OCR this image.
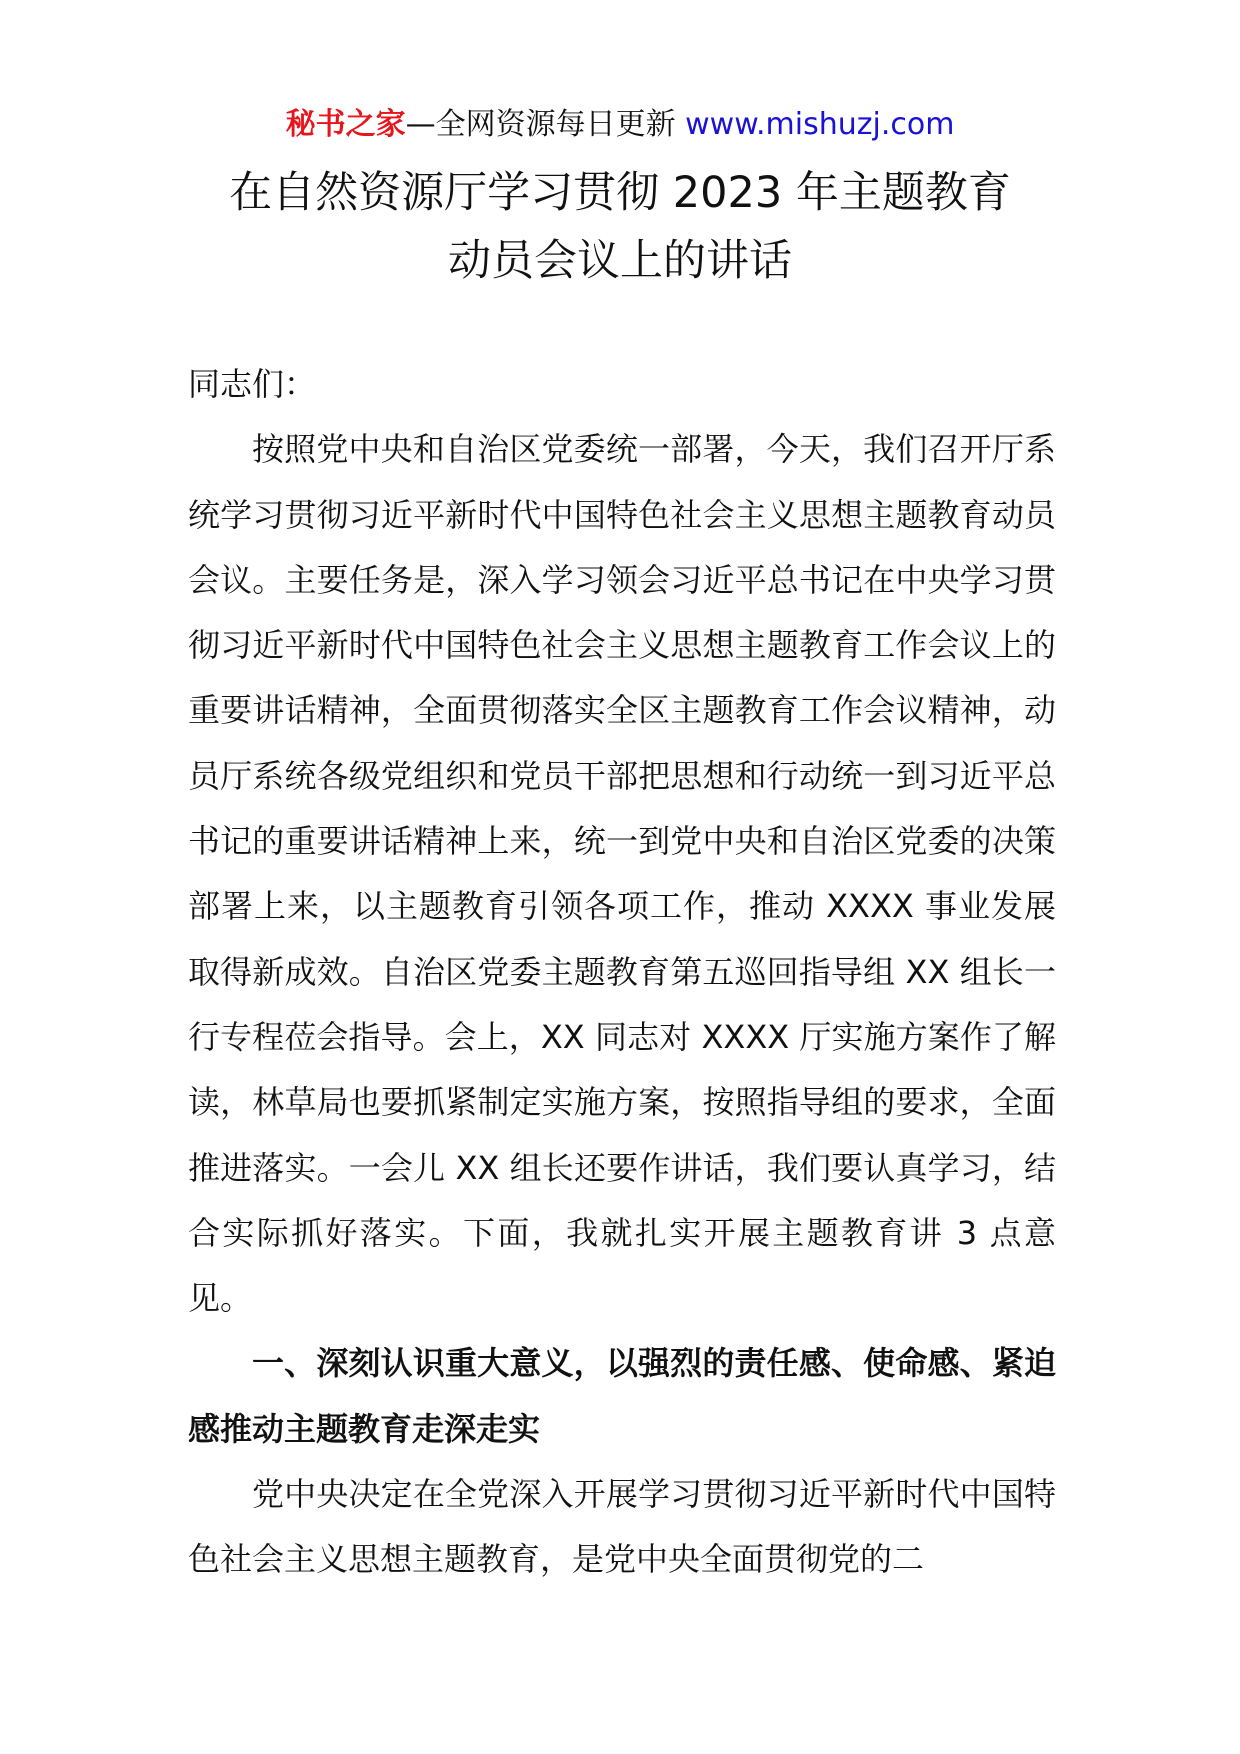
秘书之家—全网资源每日更新 www.mishuzj.com
在自然资源厅学习贯彻 2023 年主题教育
动员会议上的讲话

同志们：

按照党中央和自治区党委统一部署，今天，我们召开厅系统学习贯彻习近平新时代中国特色社会主义思想主题教育动员会议。主要任务是，深入学习领会习近平总书记在中央学习贯彻习近平新时代中国特色社会主义思想主题教育工作会议上的重要讲话精神，全面贯彻落实全区主题教育工作会议精神，动员厅系统各级党组织和党员干部把思想和行动统一到习近平总书记的重要讲话精神上来，统一到党中央和自治区党委的决策部署上来，以主题教育引领各项工作，推动 XXXX 事业发展取得新成效。自治区党委主题教育第五巡回指导组 XX 组长一行专程莅会指导。会上，XX 同志对 XXXX 厅实施方案作了解读，林草局也要抓紧制定实施方案，按照指导组的要求，全面推进落实。一会儿 XX 组长还要作讲话，我们要认真学习，结合实际抓好落实。下面，我就扎实开展主题教育讲 3 点意见。

一、深刻认识重大意义，以强烈的责任感、使命感、紧迫感推动主题教育走深走实

党中央决定在全党深入开展学习贯彻习近平新时代中国特色社会主义思想主题教育，是党中央全面贯彻党的二
